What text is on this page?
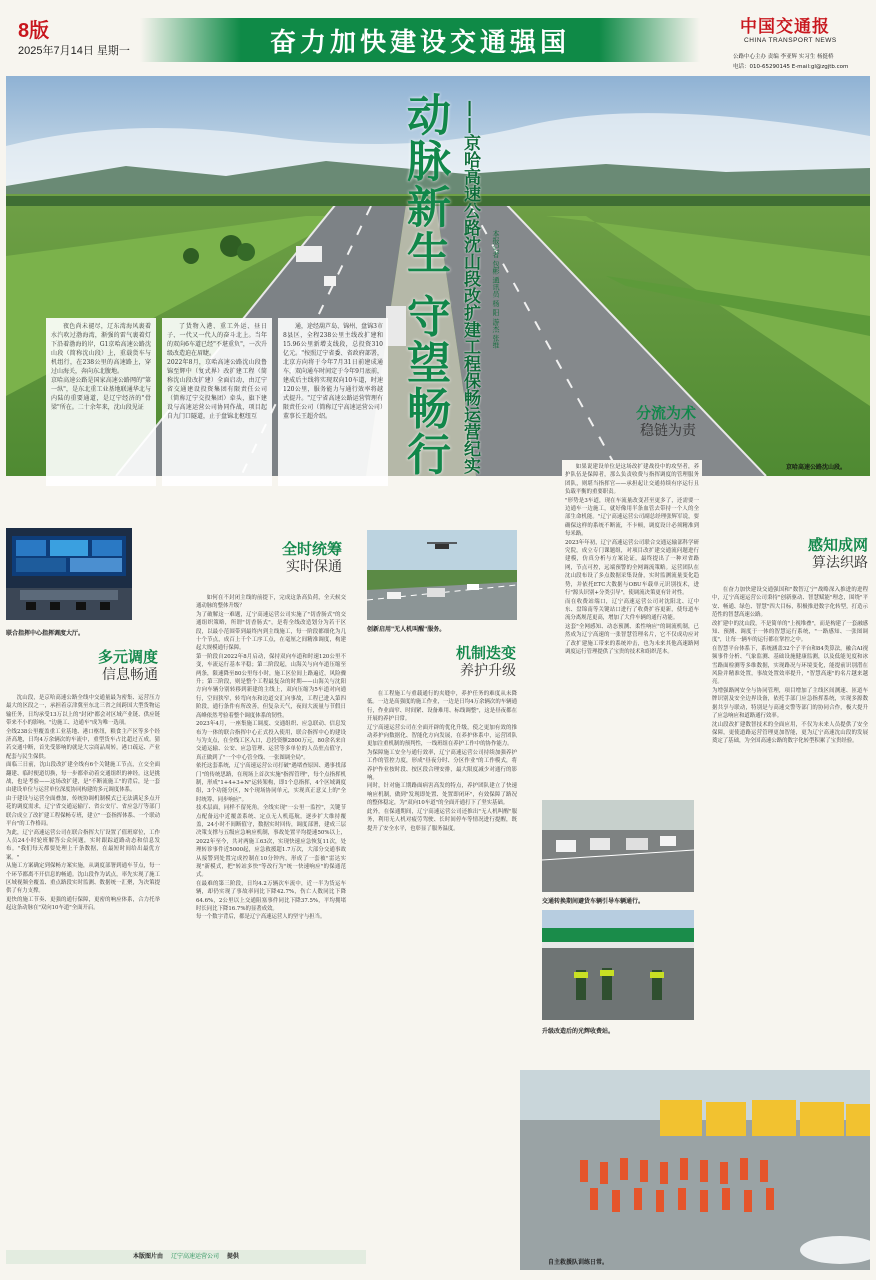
8版
2025年7月14日 星期一	奋力加快建设交通强国
中国交通报
CHINA TRANSPORT NEWS
公路中心主办 责编 李亚辉 实习生 杨挺桥
电话：010-65290145 E-mail:gl@zgjtb.com
动脉新生 守望畅行 ——京哈高速公路沈山段改扩建工程保畅运营纪实	本报记者 包彬 通讯员 杨 阳 游杰 张维
京哈高速公路沈山段。

夜色尚未褪尽，辽东湾海风裹着水汽吹过渤海湾，渐强的雷气裹着灯下沿着渤海的岸，G1京哈高速公路沈山段（简称沈山段）上，重载货车与机组行，在238公里的高速路上，穿过山海关，奔向东北腹地。
京哈高速公路是国家高速公路网的"第一纵"，是东北重工业基地联通华北与内陆的重要通道，是辽宁经济的"骨梁"所在。二十余年来，沈山段见证

了货物入港、重工外运、昼日子、一代又一代人的奋斗北上。当年的双向6车道已经"不堪重负"，一次升级改造迫在眉睫。
2022年8月，京哈高速公路沈山段鲁锦至辉中（复式界）改扩建工程（简称沈山段改扩建）全面启动，由辽宁省交通建设投资集团有限责任公司（简称辽宁交投集团）牵头，旗下建设与高速运营公司协同作战，项目起自九门口隧道，止于盘锦北枢纽互

通，途经葫芦岛、锦州、盘锦3市8县区，全程238公里主线改扩建和15.96公里新增支线段，总投资310亿元。"按照辽宁省委、省政府部署，北京方向将于今年7月31日前建成通车，双向通车时间定于今年9月底前，建成后主线将实现双向10车道，时速120公里，服务能力与通行效率将越式提升。"辽宁省高速公路运营管理有限责任公司（简称辽宁高速运营公司）董事长王超介绍。	分流为术
稳链为责

如果说建设单位是这场改扩建战役中的攻坚者，养护队伍是保障者，那么负责收费与指挥调度的管理服务团队，则堪当指挥官——承担起让交通持续有序运行且负载平衡的重要职责。
"形势是3车道，现在车流量改变甚至更多了，还需要一边通车一边施工，就好像用半条血管去带持一个人的全部生命机能。"辽宁高速运营公司副总经理张辉军说，要确保这样的系统不断流，不卡顿，调度设计必须精准到每米路。
2023年年初，辽宁高速运营公司联合交通运输部科学研究院，成立专门课题组，对项目改扩建交通流问题进行建模，仿真分析与方案论证，最终提出了一种对省路网，节点可控，远端预警的全网调流策略。运营团队在沈山段布设了多点数据采集设备，实时监测流量变化趋势，并依托ETC大数据与OBU车载单元识别技术，进行"源头识别+分类引导"，使调流决策更有针对性。
而在收费站端口，辽宁高速运营公司对沈阳北、辽中东、盘锦南等关键站口进行了收费扩容更新，使每道车流分离规范更高，增加了大件车辆的通行功能。
这套"全网感知、动态预测、柔性响应"的调流机制，已然成为辽宁高速的一张智慧管理名片，它不仅成功应对了改扩建施工带来的系统冲击，也为未来其他高速路网调度运行管理提供了宝贵的技术和组织范本。

联合指挥中心指挥调度大厅。
多元调度
信息畅通

沈山段，是京哈高速公路全线中交通量最为密集、运营压力最大的区段之一，承担着京津冀至东北三省之间跨国大型货物运输任务，日均承受13万以上的"封闭"都会对区域产业链、供应链带来不小的影响。"边施工、边通车"成为唯一选项。
全线238公里覆盖重工业基地、港口枢纽，粮食主产区等多个经济高地，日均4万余辆次的车流中，重型货车占比超过五成。猜若交通中断，首先受影响的就是大宗商品周转，港口疏运、产业配套与民生保供。
面临三日前，沈山段改扩建全线有6个关键施工节点，立交全面翻建、临时便道切换，每一步都牵动着交通组织的神经。这是挑战，也是考验——这场改扩建，是"不断流施工"的背后，是一套由建设单位与运营单位深度协同构建的多元调度体系。
由于建设与运营全面叠加，传统协调机制模式已无法满足多点开花的调度需求，辽宁省交通运输厅、省公安厅、省应急厅等部门联合成立了改扩建工程保畅专班，建立"一套指挥体系、一个联动平台"的工作格局。
为此，辽宁高速运营公司在联合指挥大厅设置了值班席位，工作人员24小时轮班解答公众问题，实时跟踪道路动态和信息发布。"我们每天都要处理上千条数据，在最短时间给出最优方案。"
从施工方案确定到保畅方案实施，从调度部署到通车节点，每一个环节都离不开信息的畅通。沈山段作为试点，率先实现了施工区域视频全覆盖、重点路段实时监测、数据统一汇聚，为决策提供了有力支撑。
更快的施工节奏、更强的通行保障，更密的响应体系，合力托举起这条动脉在"双向10车道"全面开启。

全时统筹
实时保通

如何在不封闭主线的前提下，完成这条高负荷，全天候交通动脉的整体升级？
为了破解这一难题，辽宁高速运营公司实施了"切香肠式"的交通组织策略，所谓"切香肠式"，是将全线改造划分为若干区段，以最小范围带到最终内到主线施工，每一阶段都细化为几十个节点，成百上千个工序工点，在毫厘之间精准调度，构建起大规模通行保障。
第一阶段自2022年8月启动，保持双向车道和时速120公里不变，车流运行基本平稳；第二阶段起，山海关与向车道压缩至两条，限速降至80公里每小时，施工区位间上路遍近，风险骤升；第三阶段，则是整个工程最复杂的时期——山海关与沈阳方向车辆分别转移到新建的主线上，双向压缩为5车道对向通行，空间狭窄，转弯向东和边道交汇向事故，工程已进入第四阶段，通行条件有所改善，但复杂天气，夜间大流量与节假日高峰依然考验着整个调度体系的韧性。
2023年4月，一座集施工调度、交通组织、应急联动、信息发布为一体的联合指挥中心正式投入使用，联合指挥中心的建设与为支点，在全线工区入口，总投资额2800万元，80余名来自交通运输、公安、应急管理、运营等多单位的人员驻点值守，真正做到了"一个中心管全线、一张图调全局"。
依托这套系统，辽宁高速运营公司打破"遇堵查原因、遇事找部门"的传统思路，在现场上首次实施"指挥管理"，每个点指挥机制，形成"1+4+3+N"运转架构，即1个总指挥，4个区域调度组，3个功能分区，N个现场协同单元，实现真正意义上的"全时统筹、同步响应"。
技术层面，同样不留死角。全线实现"一公里一监控"，关键节点配备远中近覆盖系统、定点无人机巡航，逐步扩大维持覆盖，24小时不间断值守，数据实时回传，调度部署，建成三层决策支撑与五级应急响应机制，事故处置平均提速50%以上，2022年至今，共对两施工63次，实现快速应急恢复11次，处理转诊事件近5000起，应急救援超1.7万次，大部分交通事故从接警到处置完成控制在10分钟内，形成了一套被"雷达实现"新模式，把"转站多快"等改行为"统一快速响应"的保通范式。
在最难的第三阶段，日均4.2万辆次车流中，近一半为货运车辆，却仍实现了事故率同比下降42.7%，伤亡人数同比下降64.6%，2公里以上交通阻塞事件同比下降37.5%，平均拥堵时长同比下降16.7%的显著成效。
每一个数字背后，都是辽宁高速运营人的坚守与担当。

创新启用"无人机叫醒"服务。
机制迭变
养护升级

在工程施工与重载通行的夹缝中，养护任务的难度从未降低。一边是高强度的施工作业，一边是日均4万余辆次的车辆通行，作业面窄、时间紧、设备难用、标线调整"，这是昼夜都在开展的养护日常。
辽宁高速运营公司在全面开辟的优化升级，使之更加有效的推动养护向数据化、智能化方向发展，在养护体系中，运营团队更加注重机制的预判性，一线班组在养护工作中的协作能力。
为保障施工安全与通行效率，辽宁高速运营公司持续加强养护工作的管控力度，形成"昼夜分时、分区作业"的工作模式，将养护作业按时段、按区段合理安排，最大限度减少对通行的影响。
同时，针对施工期路面病害高发的特点，养护团队建立了快速响应机制，做到"发现即处置、处置即闭环"，有效保障了路况的整体稳定，为"双向10车道"的全面开通打下了坚实基础。
此外，在保通期间，辽宁高速运营公司还推出"无人机叫醒"服务，利用无人机对疲劳驾驶、长时间停车等情况进行提醒，既提升了安全水平，也彰显了服务温度。

交通转换期间避货车辆引导车辆通行。
升级改造后的光辉收费站。
感知成网
算法织路

在奋力加快建设交通强国和"数智辽宁"战略深入推进的进程中，辽宁高速运营公司秉持"创新驱动、智慧赋能"理念，围绕"平安、畅通、绿色、智慧"四大目标，积极推进数字化转型，打造示范性的智慧高速公路。
改扩建中的沈山段，不是简单的"上视堆叠"，而是构建了一套融感知、预测、调度于一体的智慧运行系统，"一路感知、一张图调度"，让每一辆车的运行都在掌控之中。
在智慧平台体系下，系统涵盖32个子平台和84类算法，融合AI视频事件分析、气象监测、基础设施健康监测，以及低能见度和冰雪路面检测等多维数据，实现路况与环境变化，能提前识别潜在风险并精准处置，事故处置效率提升，"智慧高速"的名片越来越亮。
为增强路网安全与协同管理，项目增加了主线区间测速、匝道车牌识别及安全边界设备，依托手部门应急指挥系统，实现多源数据共享与联动，特别是与高速交警等部门的协同合作，极大提升了应急响应和道路通行效率。
沈山段改扩建数智技术的全面应用，不仅为未来人员提供了安全保障，更使道路运营管理更加智能，更为辽宁高速沈山段的发展奠定了基础，为全国高速公路的数字化转型积累了宝贵经验。

自主救援队训练日常。
本版图片由 辽宁高速运营公司 提供
